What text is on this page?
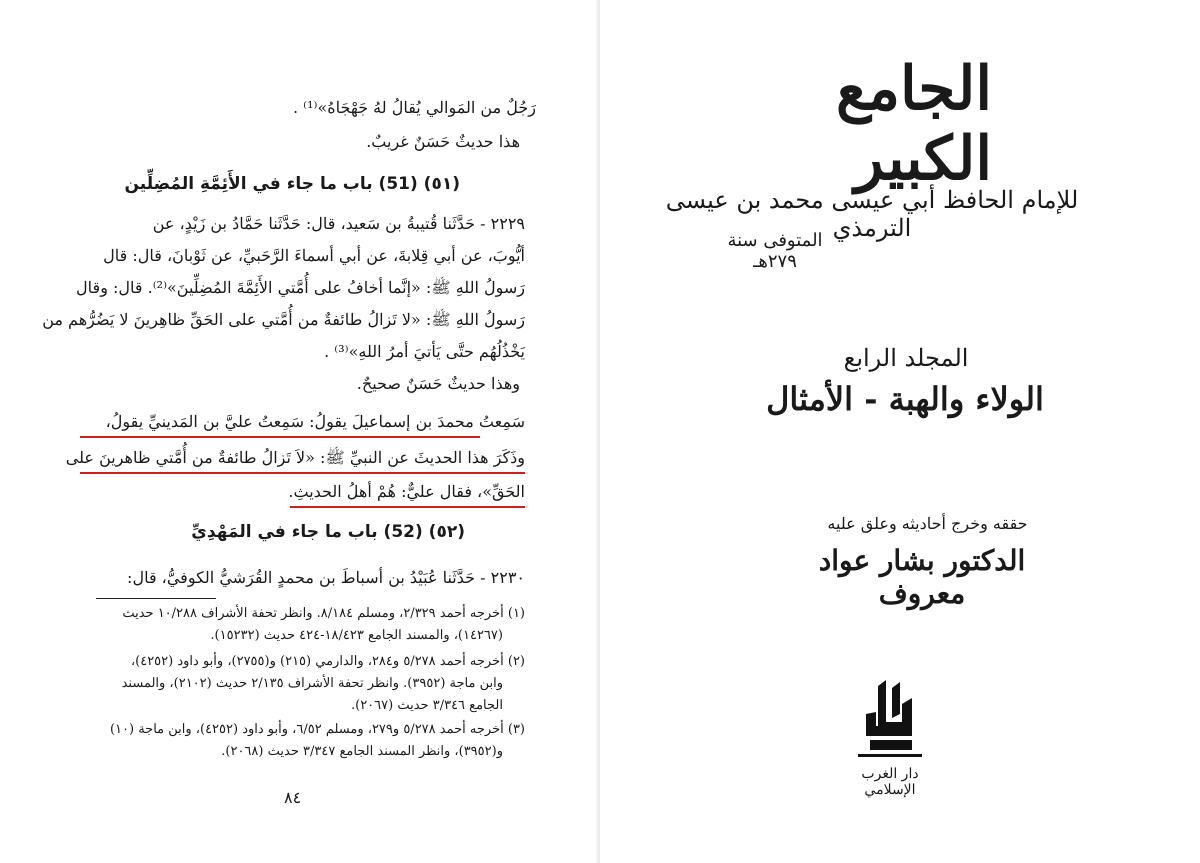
رَجُلٌ من المَوالي يُقالُ لهُ جَهْجَاهُ»⁽¹⁾ .
هذا حديثٌ حَسَنٌ غريبٌ.
(٥١) (51) باب ما جاء في الأَئِمَّةِ المُضِلِّين
٢٢٢٩ - حَدَّثَنا قُتيبةُ بن سَعيد، قال: حَدَّثَنا حَمَّادُ بن زَيْدٍ، عن
أيُّوبَ، عن أبي قِلابةَ، عن أبي أسماءَ الرَّحَبيِّ، عن ثَوْبانَ، قال: قال
رَسولُ اللهِ ﷺ: «إنَّما أخافُ على أُمَّتي الأَئِمَّةَ المُضِلِّينَ»⁽²⁾. قال: وقال
رَسولُ اللهِ ﷺ: «لا تَزالُ طائفةٌ من أُمَّتي على الحَقِّ ظاهِرينَ لا يَضُرُّهم من
يَخْذُلُهُم حتَّى يَأتيَ أمرُ اللهِ»⁽³⁾ .
وهذا حديثٌ حَسَنٌ صحيحٌ.
سَمِعتُ محمدَ بن إسماعيلَ يقولُ: سَمِعتُ عليَّ بن المَدينيِّ يقولُ،
وذَكَرَ هذا الحديثَ عن النبيِّ ﷺ: «لاَ تَزالُ طائفةٌ من أُمَّتي ظاهرينَ على
الحَقِّ»، فقال عليٌّ: هُمْ أهلُ الحديثِ.
(٥٢) (52) باب ما جاء في المَهْدِيِّ
٢٢٣٠ - حَدَّثَنا عُبَيْدُ بن أسباطَ بن محمدٍ القُرَشيُّ الكوفيُّ، قال:
(١) أخرجه أحمد ٢/٣٢٩، ومسلم ٨/١٨٤. وانظر تحفة الأشراف ١٠/٢٨٨ حديث
(١٤٢٦٧)، والمسند الجامع ١٨/٤٢٣-٤٢٤ حديث (١٥٢٣٢).
(٢) أخرجه أحمد ٥/٢٧٨ و٢٨٤، والدارمي (٢١٥) و(٢٧٥٥)، وأبو داود (٤٢٥٢)،
وابن ماجة (٣٩٥٢). وانظر تحفة الأشراف ٢/١٣٥ حديث (٢١٠٢)، والمسند
الجامع ٣/٣٤٦ حديث (٢٠٦٧).
(٣) أخرجه أحمد ٥/٢٧٨ و٢٧٩، ومسلم ٦/٥٢، وأبو داود (٤٢٥٢)، وابن ماجة (١٠)
و(٣٩٥٢)، وانظر المسند الجامع ٣/٣٤٧ حديث (٢٠٦٨).
٨٤
الجامع الكبير
للإمام الحافظ أبي عيسى محمد بن عيسى الترمذي
المتوفى سنة ٢٧٩هـ
المجلد الرابع
الولاء والهبة - الأمثال
حققه وخرج أحاديثه وعلق عليه
الدكتور بشار عواد معروف
دار الغرب الإسلامي
